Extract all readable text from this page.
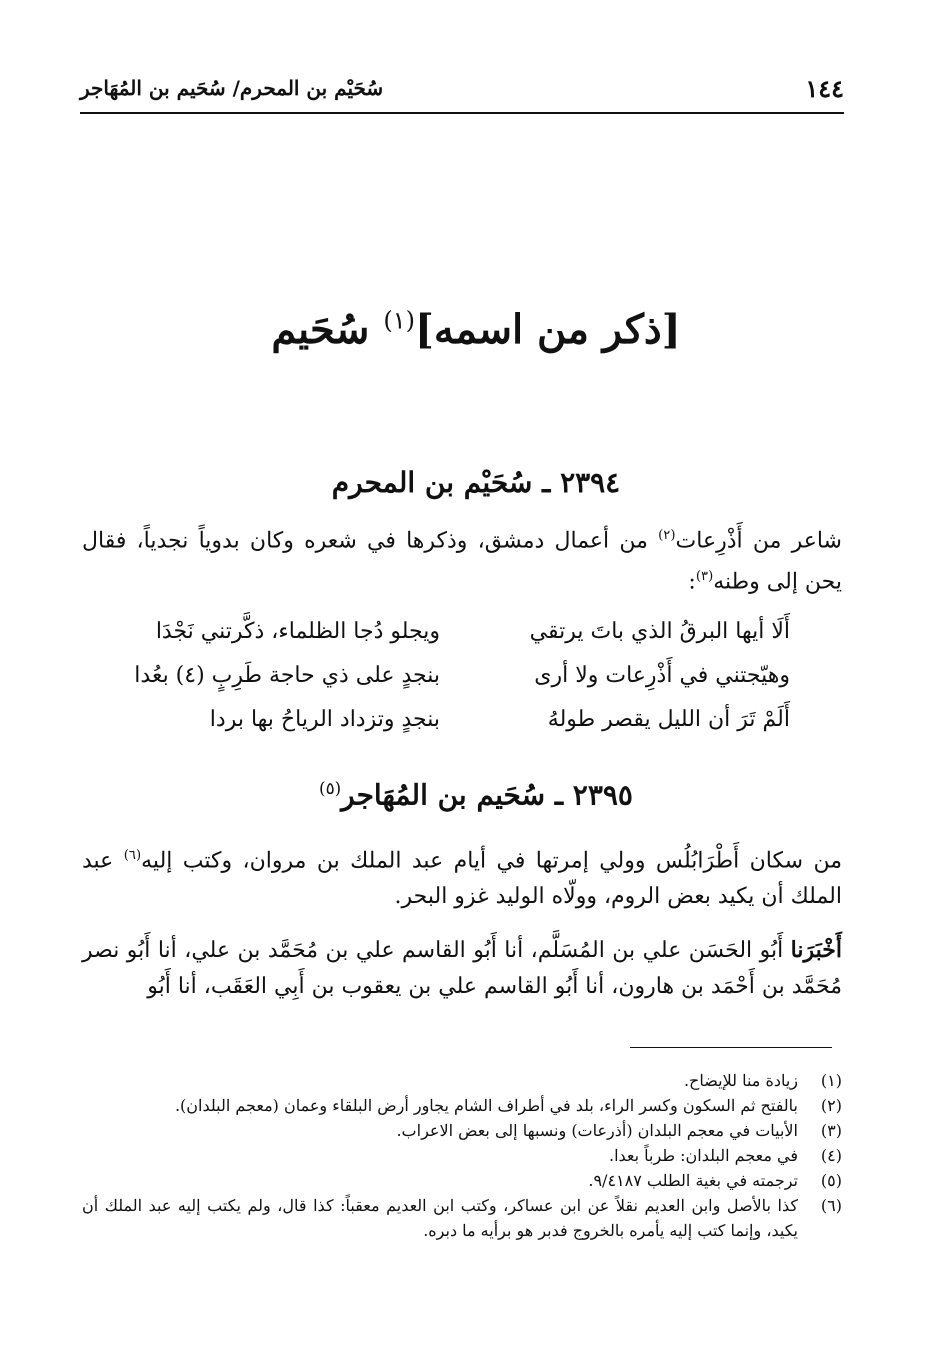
١٤٤
سُحَيْم بن المحرم/ سُحَيم بن المُهَاجر
[ذكر من اسمه]$^{(١)}$ سُحَيم
٢٣٩٤ ـ سُحَيْم بن المحرم
شاعر من أَذْرِعات$^{(٢)}$ من أعمال دمشق، وذكرها في شعره وكان بدوياً نجدياً، فقال يحن إلى وطنه$^{(٣)}$:
أَلَا أيها البرقُ الذي باتَ يرتقي
ويجلو دُجا الظلماء، ذكَّرتني نَجْدَا
وهيّجتني في أَذْرِعات ولا أرى
بنجدٍ على ذي حاجة طَرِبٍ (٤) بعُدا
أَلَمْ تَرَ أن الليل يقصر طولهُ
بنجدٍ وتزداد الرياحُ بها بردا
٢٣٩٥ ـ سُحَيم بن المُهَاجر$^{(٥)}$
من سكان أَطْرَابُلُس وولي إمرتها في أيام عبد الملك بن مروان، وكتب إليه$^{(٦)}$ عبد الملك أن يكيد بعض الروم، وولّاه الوليد غزو البحر.
أَخْبَرَنا أَبُو الحَسَن علي بن المُسَلَّم، أنا أَبُو القاسم علي بن مُحَمَّد بن علي، أنا أَبُو نصر مُحَمَّد بن أَحْمَد بن هارون، أنا أَبُو القاسم علي بن يعقوب بن أَبِي العَقَب، أنا أَبُو
(١)
زيادة منا للإيضاح.
(٢)
بالفتح ثم السكون وكسر الراء، بلد في أطراف الشام يجاور أرض البلقاء وعمان (معجم البلدان).
(٣)
الأبيات في معجم البلدان (أذرعات) ونسبها إلى بعض الاعراب.
(٤)
في معجم البلدان: طرباً بعدا.
(٥)
ترجمته في بغية الطلب ٩/٤١٨٧.
(٦)
كذا بالأصل وابن العديم نقلاً عن ابن عساكر، وكتب ابن العديم معقباً: كذا قال، ولم يكتب إليه عبد الملك أن يكيد، وإنما كتب إليه يأمره بالخروج فدبر هو برأيه ما دبره.
